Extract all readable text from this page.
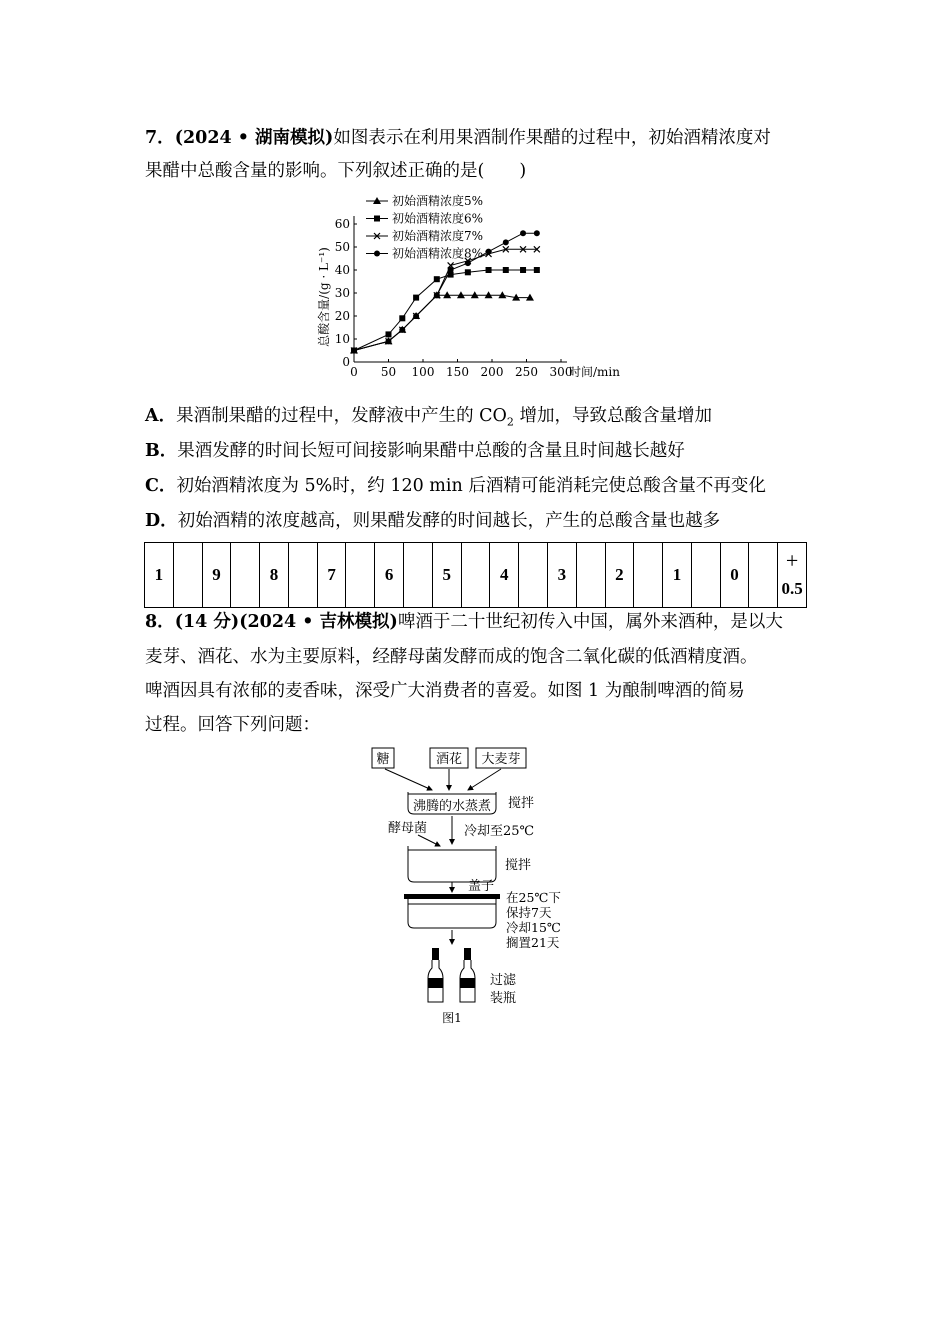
7．(2024 • 湖南模拟)如图表示在利用果酒制作果醋的过程中，初始酒精浓度对
果醋中总酸含量的影响。下列叙述正确的是(　　)
0 50 100 150 200 250 300
0
10
20
30
40
50
60
时间/min
总酸含量/(g · L⁻¹)
初始酒精浓度5%
初始酒精浓度6%
初始酒精浓度7%
初始酒精浓度8%
A．果酒制果醋的过程中，发酵液中产生的 $CO_2$ 增加，导致总酸含量增加
B．果酒发酵的时间长短可间接影响果醋中总酸的含量且时间越长越好
C．初始酒精浓度为 5%时，约 120 min 后酒精可能消耗完使总酸含量不再变化
D．初始酒精的浓度越高，则果醋发酵的时间越长，产生的总酸含量也越多
1		9		8		7		6		5		4		3		2		1		0		
+
0.5
8．(14 分)(2024 • 吉林模拟)啤酒于二十世纪初传入中国，属外来酒种，是以大
麦芽、酒花、水为主要原料，经酵母菌发酵而成的饱含二氧化碳的低酒精度酒。
啤酒因具有浓郁的麦香味，深受广大消费者的喜爱。如图 1 为酿制啤酒的简易
过程。回答下列问题：
糖	酒花 大麦芽
沸腾的水蒸煮 搅拌
酵母菌	冷却至25℃
搅拌
盖子
在25℃下
保持7天
冷却15℃
搁置21天
过滤
装瓶
图1
